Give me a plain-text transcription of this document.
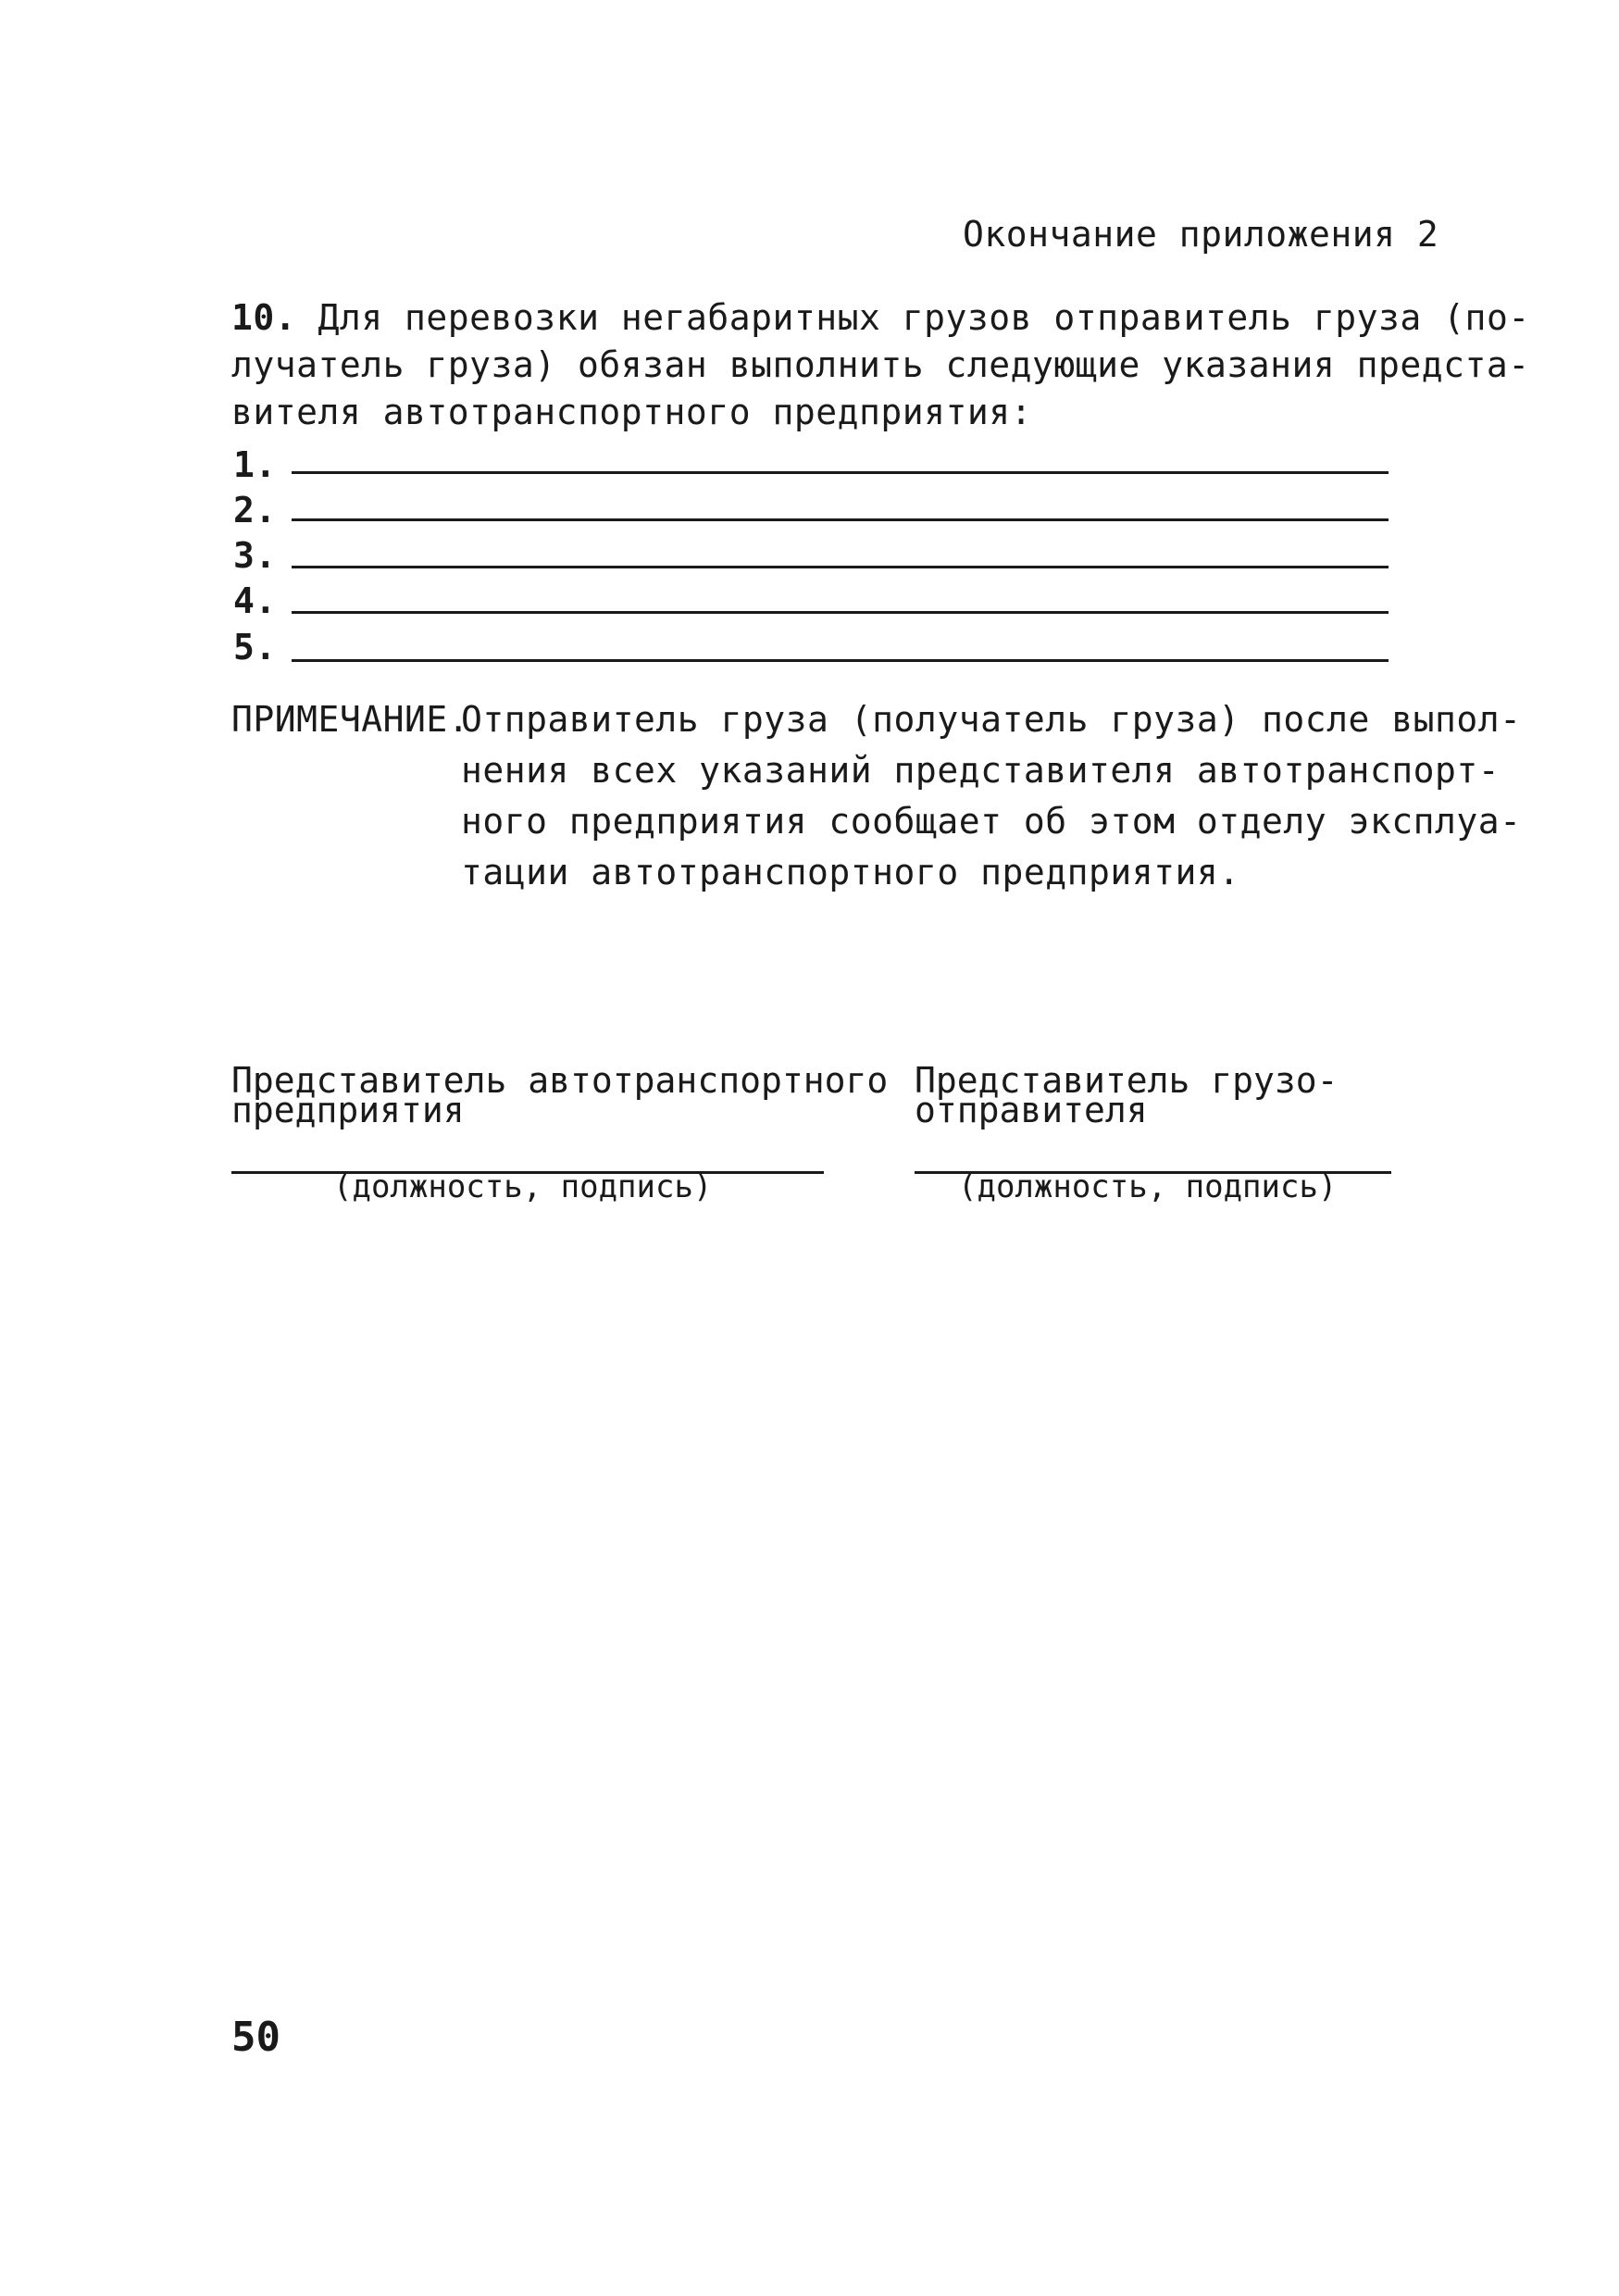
Окончание приложения 2
10. Для перевозки негабаритных грузов отправитель груза (по-
лучатель груза) обязан выполнить следующие указания предста-
вителя автотранспортного предприятия:
1.
2.
3.
4.
5.
ПРИМЕЧАНИЕ.
Отправитель груза (получатель груза) после выпол-
нения всех указаний представителя автотранспорт-
ного предприятия сообщает об этом отделу эксплуа-
тации автотранспортного предприятия.
Представитель автотранспортного
предприятия
(должность, подпись)
Представитель грузо-
отправителя
(должность, подпись)
50
